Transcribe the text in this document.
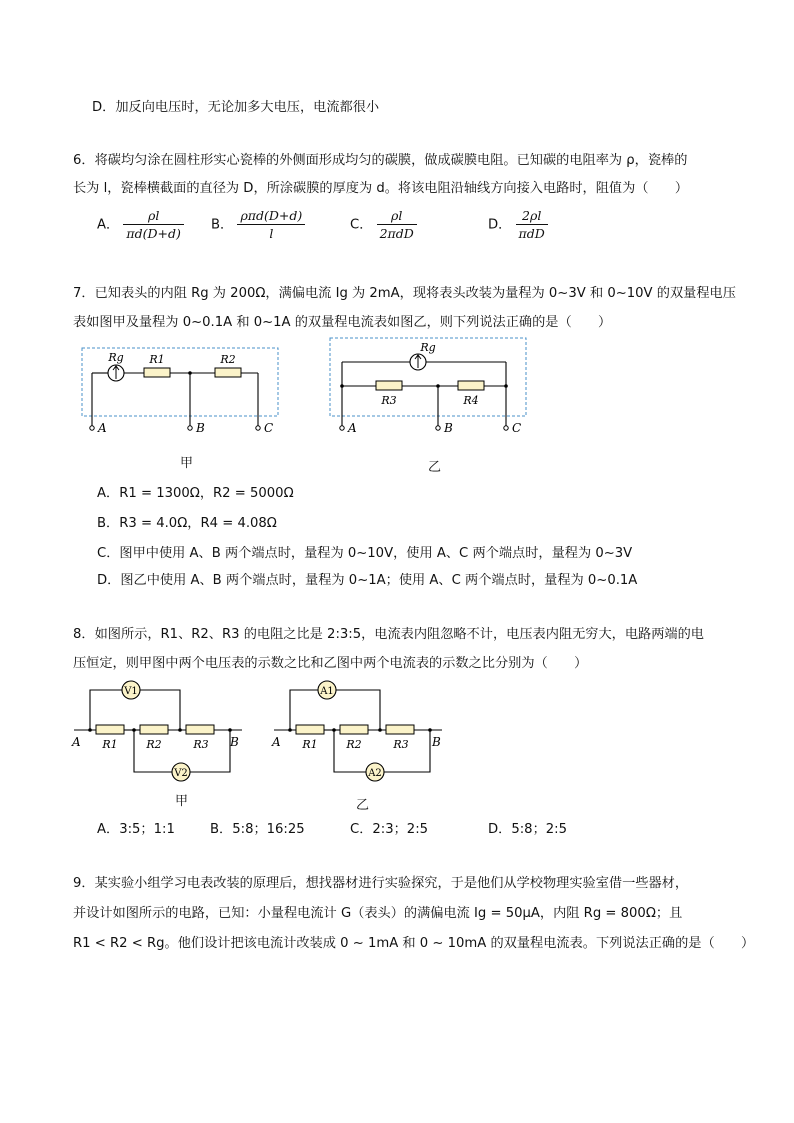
D．加反向电压时，无论加多大电压，电流都很小
6．将碳均匀涂在圆柱形实心瓷棒的外侧面形成均匀的碳膜，做成碳膜电阻。已知碳的电阻率为 ρ，瓷棒的
长为 l，瓷棒横截面的直径为 D，所涂碳膜的厚度为 d。将该电阻沿轴线方向接入电路时，阻值为（　　）
A． $\frac{\rho l}{\pi d(D+d)}$ B． $\frac{\text{ρπd(D+d)}}{l}$	C． $\frac{\rho l}{\text{2πdD}}$	D． $\frac{2\rho l}{\text{πdD}}$
7．已知表头的内阻 Rg 为 200Ω，满偏电流 Ig 为 2mA，现将表头改装为量程为 0~3V 和 0~10V 的双量程电压
表如图甲及量程为 0~0.1A 和 0~1A 的双量程电流表如图乙，则下列说法正确的是（　　）
Rg R1	R2
A	B	C
甲
Rg
R3	R4
A	B	C
乙
A．R1 = 1300Ω，R2 = 5000Ω
B．R3 = 4.0Ω，R4 = 4.08Ω
C．图甲中使用 A、B 两个端点时，量程为 0~10V，使用 A、C 两个端点时，量程为 0~3V
D．图乙中使用 A、B 两个端点时，量程为 0~1A；使用 A、C 两个端点时，量程为 0~0.1A
8．如图所示，R1、R2、R3 的电阻之比是 2:3:5，电流表内阻忽略不计，电压表内阻无穷大，电路两端的电
压恒定，则甲图中两个电压表的示数之比和乙图中两个电流表的示数之比分别为（　　）
V1
V2
R1	R2	R3
A	B
甲
A1
A2
R1	R2	R3
A	B
乙
A．3:5；1:1	B．5:8；16:25	C．2:3；2:5	D．5:8；2:5
9．某实验小组学习电表改装的原理后，想找器材进行实验探究，于是他们从学校物理实验室借一些器材，
并设计如图所示的电路，已知：小量程电流计 G（表头）的满偏电流 Ig = 50μA，内阻 Rg = 800Ω；且
R1 < R2 < Rg。他们设计把该电流计改装成 0 ~ 1mA 和 0 ~ 10mA 的双量程电流表。下列说法正确的是（　　）
